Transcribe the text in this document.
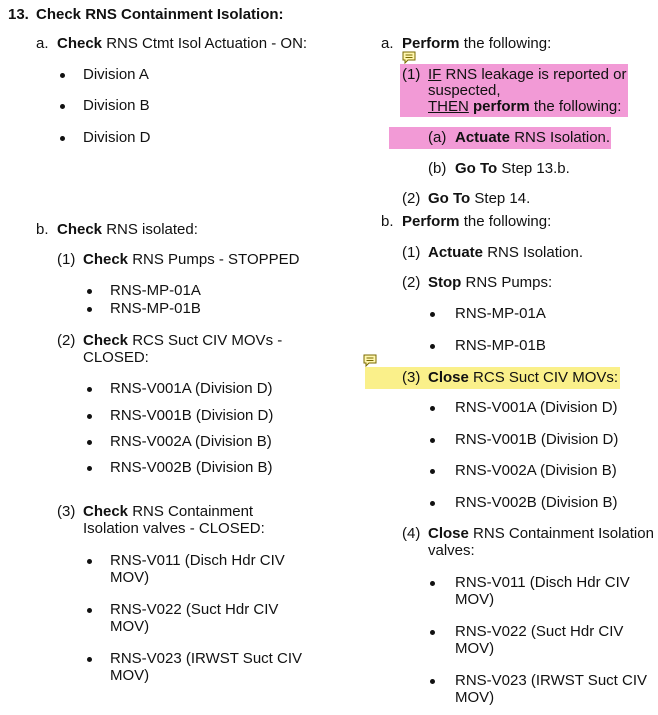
13. Check RNS Containment Isolation:
a. Check RNS Ctmt Isol Actuation - ON:
Division A
Division B
Division D
b. Check RNS isolated:
(1) Check RNS Pumps - STOPPED
RNS-MP-01A
RNS-MP-01B
(2) Check RCS Suct CIV MOVs -
CLOSED:
RNS-V001A (Division D)
RNS-V001B (Division D)
RNS-V002A (Division B)
RNS-V002B (Division B)
(3) Check RNS Containment
Isolation valves - CLOSED:
RNS-V011 (Disch Hdr CIV
MOV)
RNS-V022 (Suct Hdr CIV
MOV)
RNS-V023 (IRWST Suct CIV
MOV)
a. Perform the following:
(1) IF RNS leakage is reported or
suspected,
THEN perform the following:
(a) Actuate RNS Isolation.
(b) Go To Step 13.b.
(2) Go To Step 14.
b. Perform the following:
(1) Actuate RNS Isolation.
(2) Stop RNS Pumps:
RNS-MP-01A
RNS-MP-01B
(3) Close RCS Suct CIV MOVs:
RNS-V001A (Division D)
RNS-V001B (Division D)
RNS-V002A (Division B)
RNS-V002B (Division B)
(4) Close RNS Containment Isolation
valves:
RNS-V011 (Disch Hdr CIV
MOV)
RNS-V022 (Suct Hdr CIV
MOV)
RNS-V023 (IRWST Suct CIV
MOV)
